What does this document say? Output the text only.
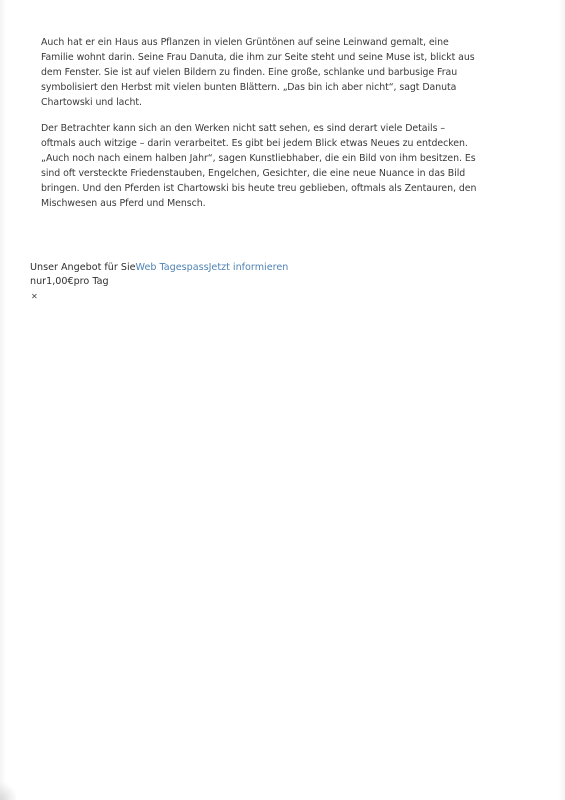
Auch hat er ein Haus aus Pflanzen in vielen Grüntönen auf seine Leinwand gemalt, eine Familie wohnt darin. Seine Frau Danuta, die ihm zur Seite steht und seine Muse ist, blickt aus dem Fenster. Sie ist auf vielen Bildern zu finden. Eine große, schlanke und barbusige Frau symbolisiert den Herbst mit vielen bunten Blättern. „Das bin ich aber nicht“, sagt Danuta Chartowski und lacht.

Der Betrachter kann sich an den Werken nicht satt sehen, es sind derart viele Details – oftmals auch witzige – darin verarbeitet. Es gibt bei jedem Blick etwas Neues zu entdecken. „Auch noch nach einem halben Jahr“, sagen Kunstliebhaber, die ein Bild von ihm besitzen. Es sind oft versteckte Friedenstauben, Engelchen, Gesichter, die eine neue Nuance in das Bild bringen. Und den Pferden ist Chartowski bis heute treu geblieben, oftmals als Zentauren, den Mischwesen aus Pferd und Mensch.

Unser Angebot für SieWeb TagespassJetzt informieren
nur1,00€pro Tag
✕
